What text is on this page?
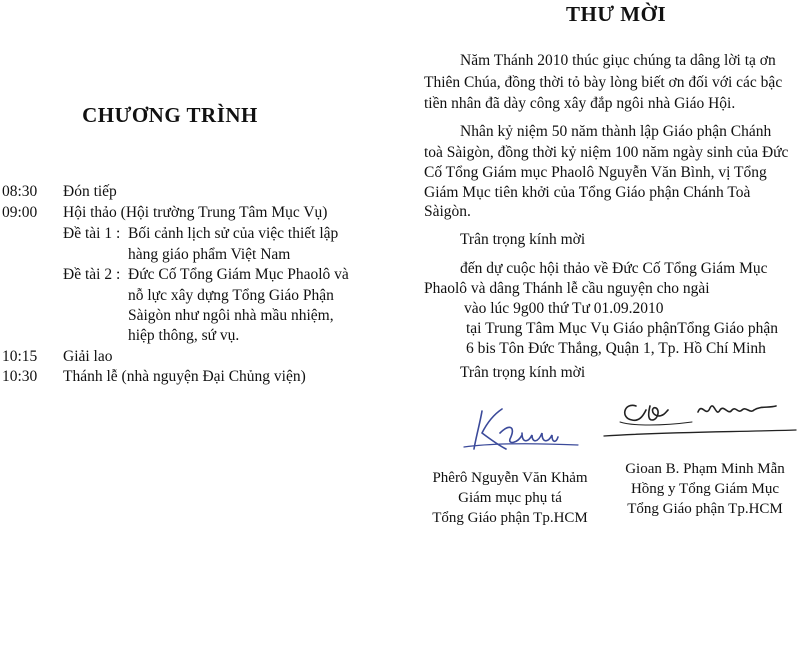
CHƯƠNG TRÌNH
08:30 Đón tiếp
09:00 Hội thảo (Hội trường Trung Tâm Mục Vụ)
Đề tài 1 : Bối cảnh lịch sử của việc thiết lập
hàng giáo phẩm Việt Nam
Đề tài 2 : Đức Cố Tổng Giám Mục Phaolô và
nỗ lực xây dựng Tổng Giáo Phận
Sàigòn như ngôi nhà mầu nhiệm,
hiệp thông, sứ vụ.
10:15 Giải lao
10:30 Thánh lễ (nhà nguyện Đại Chủng viện)
THƯ MỜI
Năm Thánh 2010 thúc giục chúng ta dâng lời tạ ơn
Thiên Chúa, đồng thời tỏ bày lòng biết ơn đối với các bậc
tiền nhân đã dày công xây đắp ngôi nhà Giáo Hội.
Nhân kỷ niệm 50 năm thành lập Giáo phận Chánh
toà Sàigòn, đồng thời kỷ niệm 100 năm ngày sinh của Đức
Cố Tổng Giám mục Phaolô Nguyễn Văn Bình, vị Tổng
Giám Mục tiên khởi của Tổng Giáo phận Chánh Toà
Sàigòn.
Trân trọng kính mời
đến dự cuộc hội thảo về Đức Cố Tổng Giám Mục
Phaolô và dâng Thánh lễ cầu nguyện cho ngài
vào lúc 9g00 thứ Tư 01.09.2010
tại Trung Tâm Mục Vụ Giáo phậnTổng Giáo phận
6 bis Tôn Đức Thắng, Quận 1, Tp. Hồ Chí Minh
Trân trọng kính mời
Phêrô Nguyễn Văn Khảm
Giám mục phụ tá
Tổng Giáo phận Tp.HCM
Gioan B. Phạm Minh Mẫn
Hồng y Tổng Giám Mục
Tổng Giáo phận Tp.HCM
